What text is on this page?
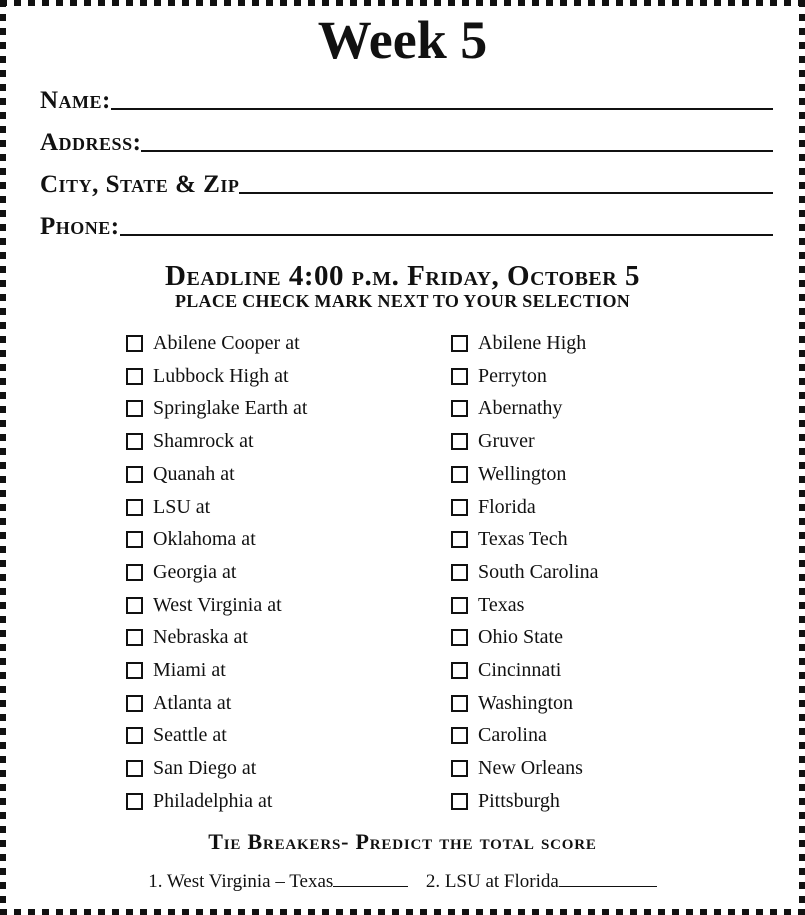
Week 5
Name:
Address:
City, State & Zip
Phone:
Deadline 4:00 p.m. Friday, October 5
PLACE CHECK MARK NEXT TO YOUR SELECTION
Abilene Cooper at	Abilene High
Lubbock High at	Perryton
Springlake Earth at	Abernathy
Shamrock at	Gruver
Quanah at	Wellington
LSU at	Florida
Oklahoma at	Texas Tech
Georgia at	South Carolina
West Virginia at	Texas
Nebraska at	Ohio State
Miami at	Cincinnati
Atlanta at	Washington
Seattle at	Carolina
San Diego at	New Orleans
Philadelphia at	Pittsburgh
Tie Breakers- Predict the total score
1. West Virginia – Texas	2. LSU at Florida
